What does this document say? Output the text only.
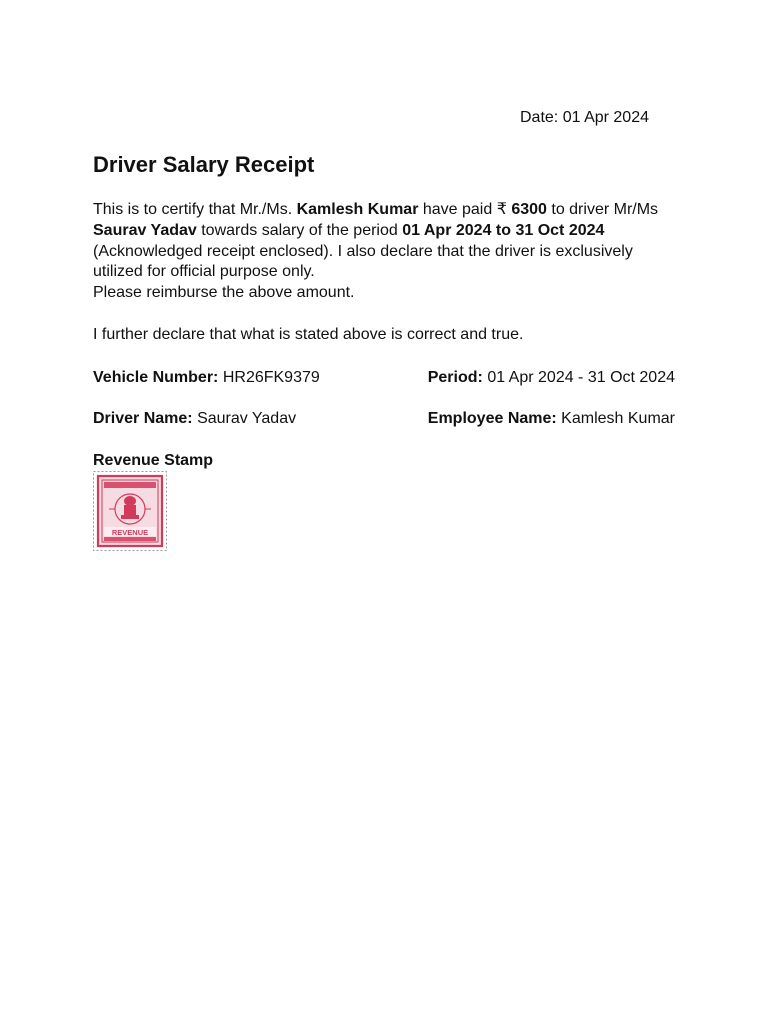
Date: 01 Apr 2024
Driver Salary Receipt

This is to certify that Mr./Ms. Kamlesh Kumar have paid ₹ 6300 to driver Mr/Ms Saurav Yadav towards salary of the period 01 Apr 2024 to 31 Oct 2024 (Acknowledged receipt enclosed). I also declare that the driver is exclusively utilized for official purpose only.

Please reimburse the above amount.

I further declare that what is stated above is correct and true.

Vehicle Number: HR26FK9379	Period: 01 Apr 2024 - 31 Oct 2024
Driver Name: Saurav Yadav	Employee Name: Kamlesh Kumar
Revenue Stamp
REVENUE
